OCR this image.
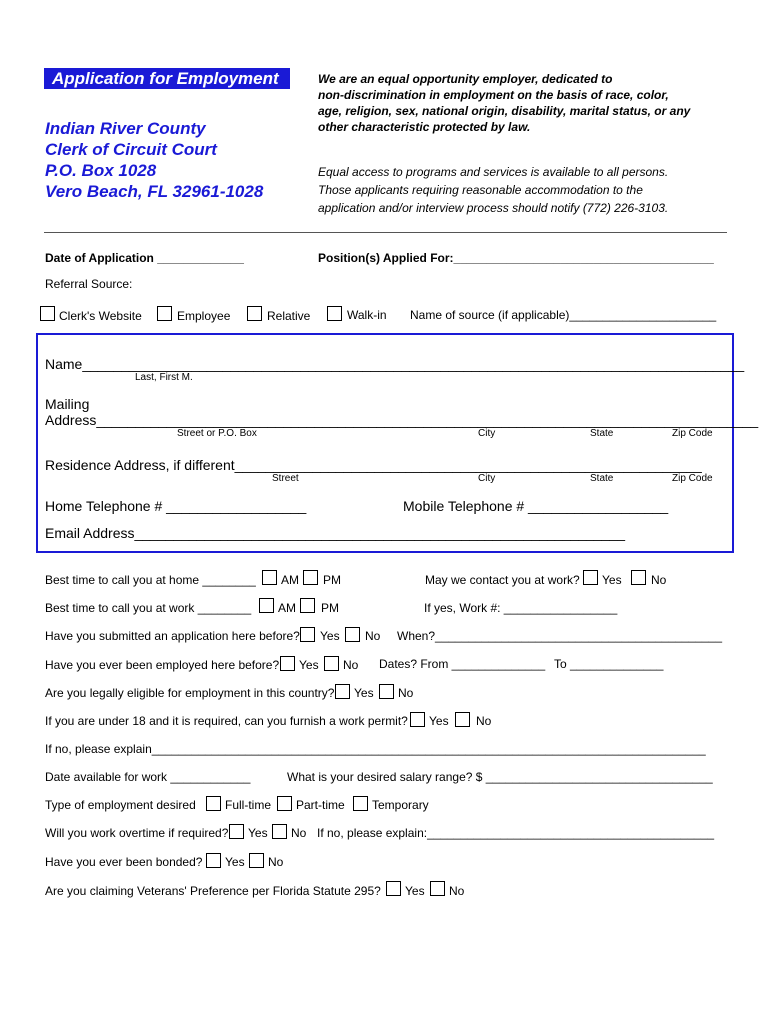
Application for Employment
Indian River County
Clerk of Circuit Court
P.O. Box 1028
Vero Beach, FL 32961-1028
We are an equal opportunity employer, dedicated to
non-discrimination in employment on the basis of race, color,
age, religion, sex, national origin, disability, marital status, or any
other characteristic protected by law.
Equal access to programs and services is available to all persons.
Those applicants requiring reasonable accommodation to the
application and/or interview process should notify (772) 226-3103.
Date of Application _____________	Position(s) Applied For:_______________________________________
Referral Source:
Clerk's Website	Employee	Relative	Walk-in Name of source (if applicable)______________________
Name_____________________________________________________________________________________
Last, First M.
Mailing
Address_____________________________________________________________________________________
Street or P.O. Box	City	State	Zip Code
Residence Address, if different____________________________________________________________
Street	City	State	Zip Code
Home Telephone # __________________	Mobile Telephone # __________________
Email Address_______________________________________________________________
Best time to call you at home ________ AM PM	May we contact you at work? Yes No
Best time to call you at work ________ AM PM	If yes, Work #: _________________
Have you submitted an application here before? Yes No When?___________________________________________
Have you ever been employed here before? Yes No Dates? From ______________ To ______________
Are you legally eligible for employment in this country? Yes No
If you are under 18 and it is required, can you furnish a work permit? Yes No
If no, please explain___________________________________________________________________________________
Date available for work ____________	What is your desired salary range? $ __________________________________
Type of employment desired Full-time Part-time Temporary
Will you work overtime if required? Yes No If no, please explain:___________________________________________
Have you ever been bonded? Yes No
Are you claiming Veterans' Preference per Florida Statute 295? Yes No
